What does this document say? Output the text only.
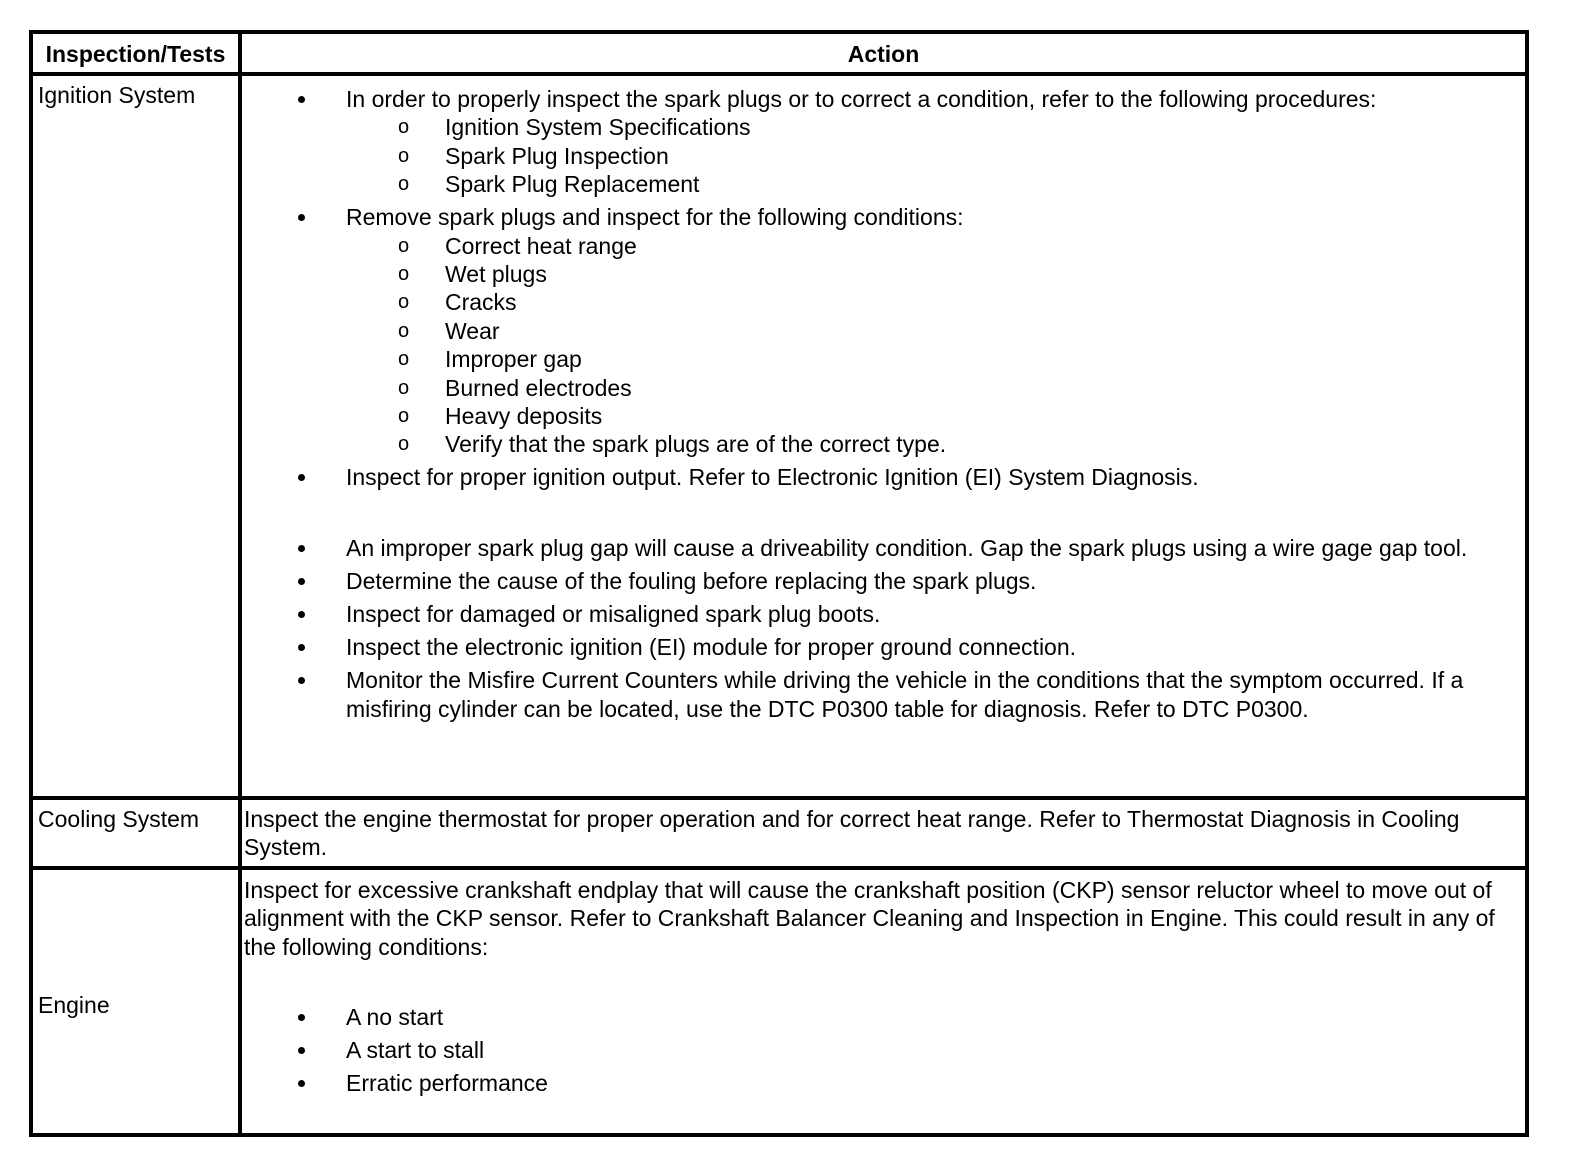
Inspection/Tests	Action
Ignition System	In order to properly inspect the spark plugs or to correct a condition, refer to the following procedures:
o Ignition System Specifications
o Spark Plug Inspection
o Spark Plug Replacement
Remove spark plugs and inspect for the following conditions:
o Correct heat range
o Wet plugs
o Cracks
o Wear
o Improper gap
o Burned electrodes
o Heavy deposits
o Verify that the spark plugs are of the correct type.
Inspect for proper ignition output. Refer to Electronic Ignition (EI) System Diagnosis.
An improper spark plug gap will cause a driveability condition. Gap the spark plugs using a wire gage gap tool.
Determine the cause of the fouling before replacing the spark plugs.
Inspect for damaged or misaligned spark plug boots.
Inspect the electronic ignition (EI) module for proper ground connection.
Monitor the Misfire Current Counters while driving the vehicle in the conditions that the symptom occurred. If a misfiring cylinder can be located, use the DTC P0300 table for diagnosis. Refer to DTC P0300.
Cooling System Inspect the engine thermostat for proper operation and for correct heat range. Refer to Thermostat Diagnosis in Cooling System.
Engine
Inspect for excessive crankshaft endplay that will cause the crankshaft position (CKP) sensor reluctor wheel to move out of alignment with the CKP sensor. Refer to Crankshaft Balancer Cleaning and Inspection in Engine. This could result in any of the following conditions:
A no start
A start to stall
Erratic performance
